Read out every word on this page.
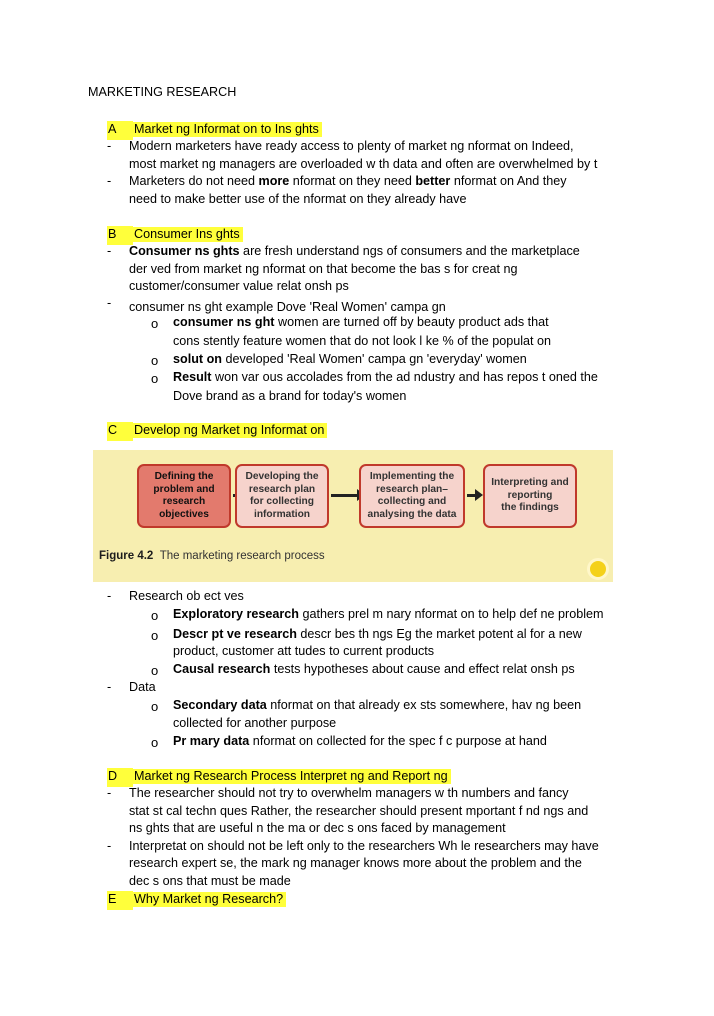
MARKETING RESEARCH
A Market ng Informat on to Ins ghts
- Modern marketers have ready access to plenty of market ng nformat on Indeed,
most market ng managers are overloaded w th data and often are overwhelmed by t
- Marketers do not need more nformat on they need better nformat on And they
need to make better use of the nformat on they already have
B Consumer Ins ghts
- Consumer ns ghts are fresh understand ngs of consumers and the marketplace
der ved from market ng nformat on that become the bas s for creat ng
customer/consumer value relat onsh ps
- consumer ns ght example Dove 'Real Women' campa gn
o consumer ns ght women are turned off by beauty product ads that
cons stently feature women that do not look l ke % of the populat on
o solut on developed 'Real Women' campa gn 'everyday' women
o Result won var ous accolades from the ad ndustry and has repos t oned the
Dove brand as a brand for today's women
C Develop ng Market ng Informat on
Defining the
problem and
research
objectives
Developing the
research plan
for collecting
information
Implementing the
research plan–
collecting and
analysing the data
Interpreting and
reporting
the findings
Figure 4.2 The marketing research process
- Research ob ect ves
o Exploratory research gathers prel m nary nformat on to help def ne problem
o Descr pt ve research descr bes th ngs Eg the market potent al for a new
product, customer att tudes to current products
o Causal research tests hypotheses about cause and effect relat onsh ps
- Data
o Secondary data nformat on that already ex sts somewhere, hav ng been
collected for another purpose
o Pr mary data nformat on collected for the spec f c purpose at hand
D Market ng Research Process Interpret ng and Report ng
- The researcher should not try to overwhelm managers w th numbers and fancy
stat st cal techn ques Rather, the researcher should present mportant f nd ngs and
ns ghts that are useful n the ma or dec s ons faced by management
- Interpretat on should not be left only to the researchers Wh le researchers may have
research expert se, the mark ng manager knows more about the problem and the
dec s ons that must be made
E Why Market ng Research?
